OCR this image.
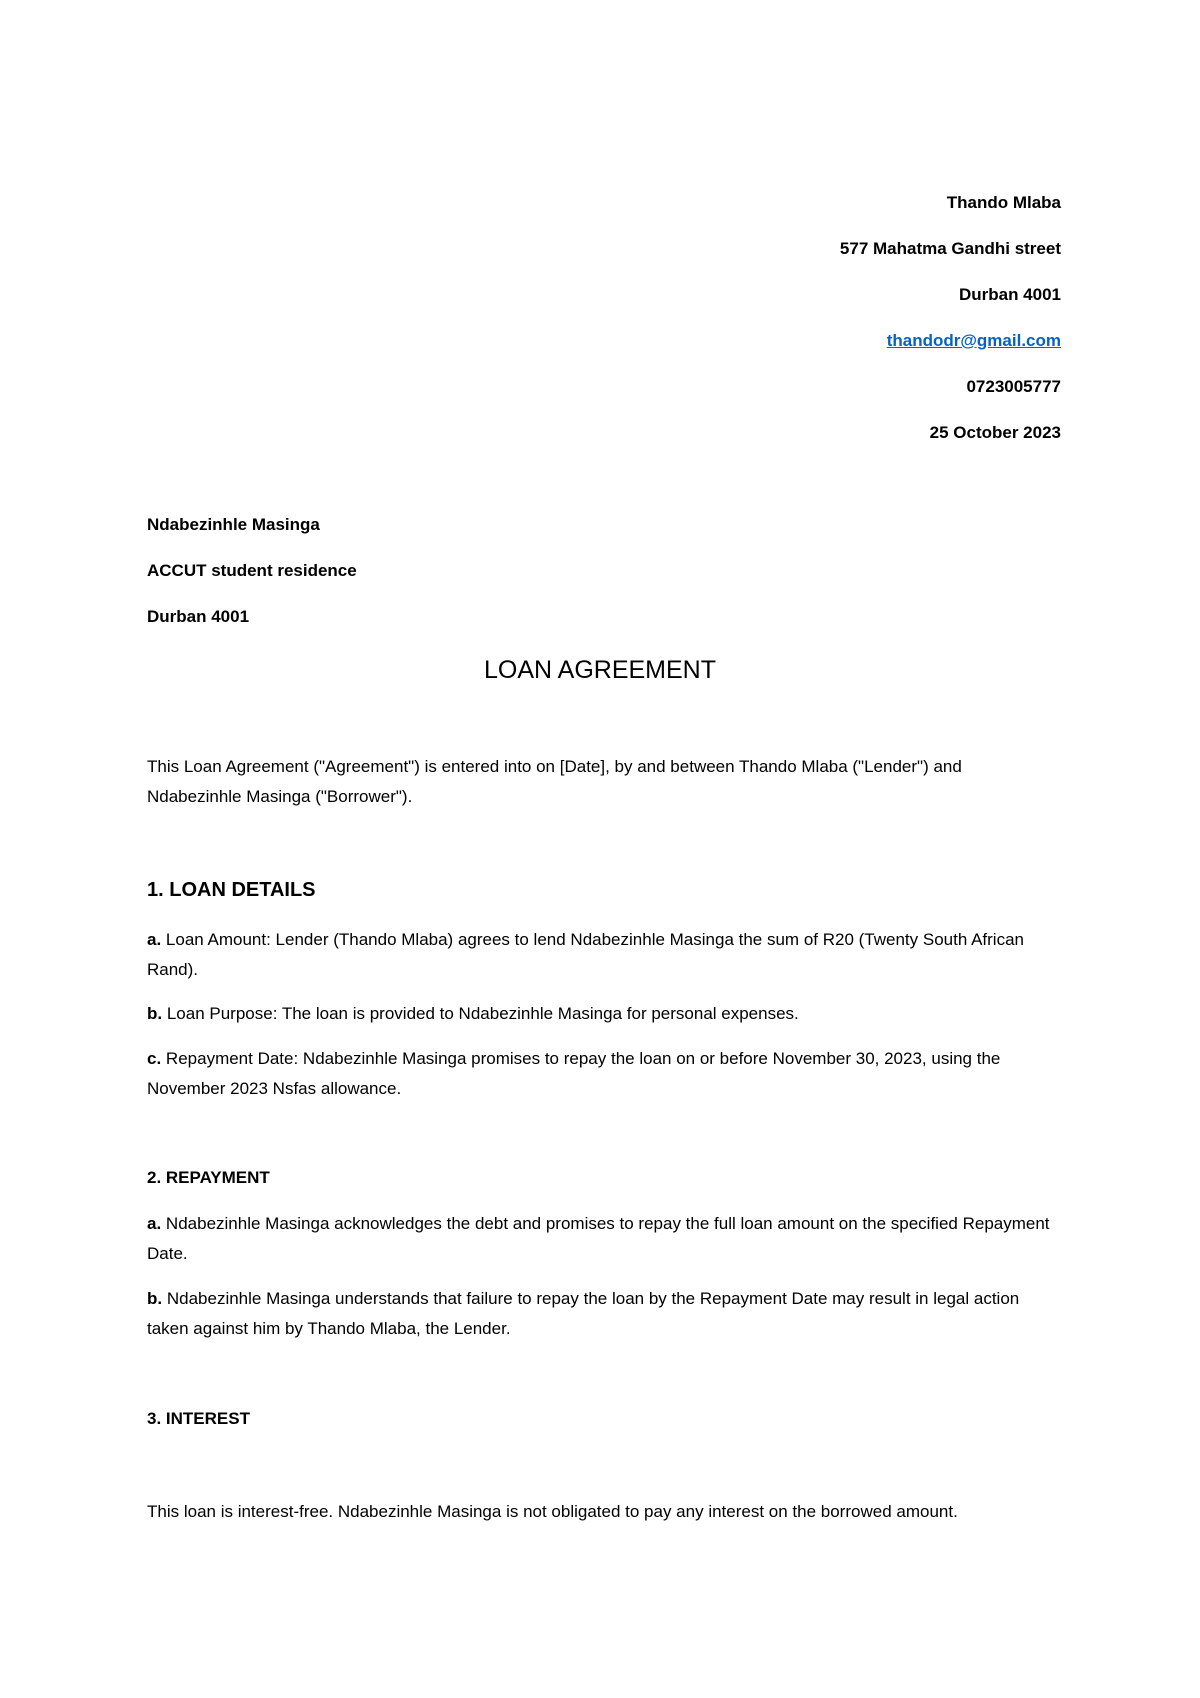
Thando Mlaba
577 Mahatma Gandhi street
Durban 4001
thandodr@gmail.com
0723005777
25 October 2023
Ndabezinhle Masinga
ACCUT student residence
Durban 4001
LOAN AGREEMENT
This Loan Agreement ("Agreement") is entered into on [Date], by and between Thando Mlaba ("Lender") and Ndabezinhle Masinga ("Borrower").
1. LOAN DETAILS
a. Loan Amount: Lender (Thando Mlaba) agrees to lend Ndabezinhle Masinga the sum of R20 (Twenty South African Rand).
b. Loan Purpose: The loan is provided to Ndabezinhle Masinga for personal expenses.
c. Repayment Date: Ndabezinhle Masinga promises to repay the loan on or before November 30, 2023, using the November 2023 Nsfas allowance.
2. REPAYMENT
a. Ndabezinhle Masinga acknowledges the debt and promises to repay the full loan amount on the specified Repayment Date.
b. Ndabezinhle Masinga understands that failure to repay the loan by the Repayment Date may result in legal action taken against him by Thando Mlaba, the Lender.
3. INTEREST
This loan is interest-free. Ndabezinhle Masinga is not obligated to pay any interest on the borrowed amount.
